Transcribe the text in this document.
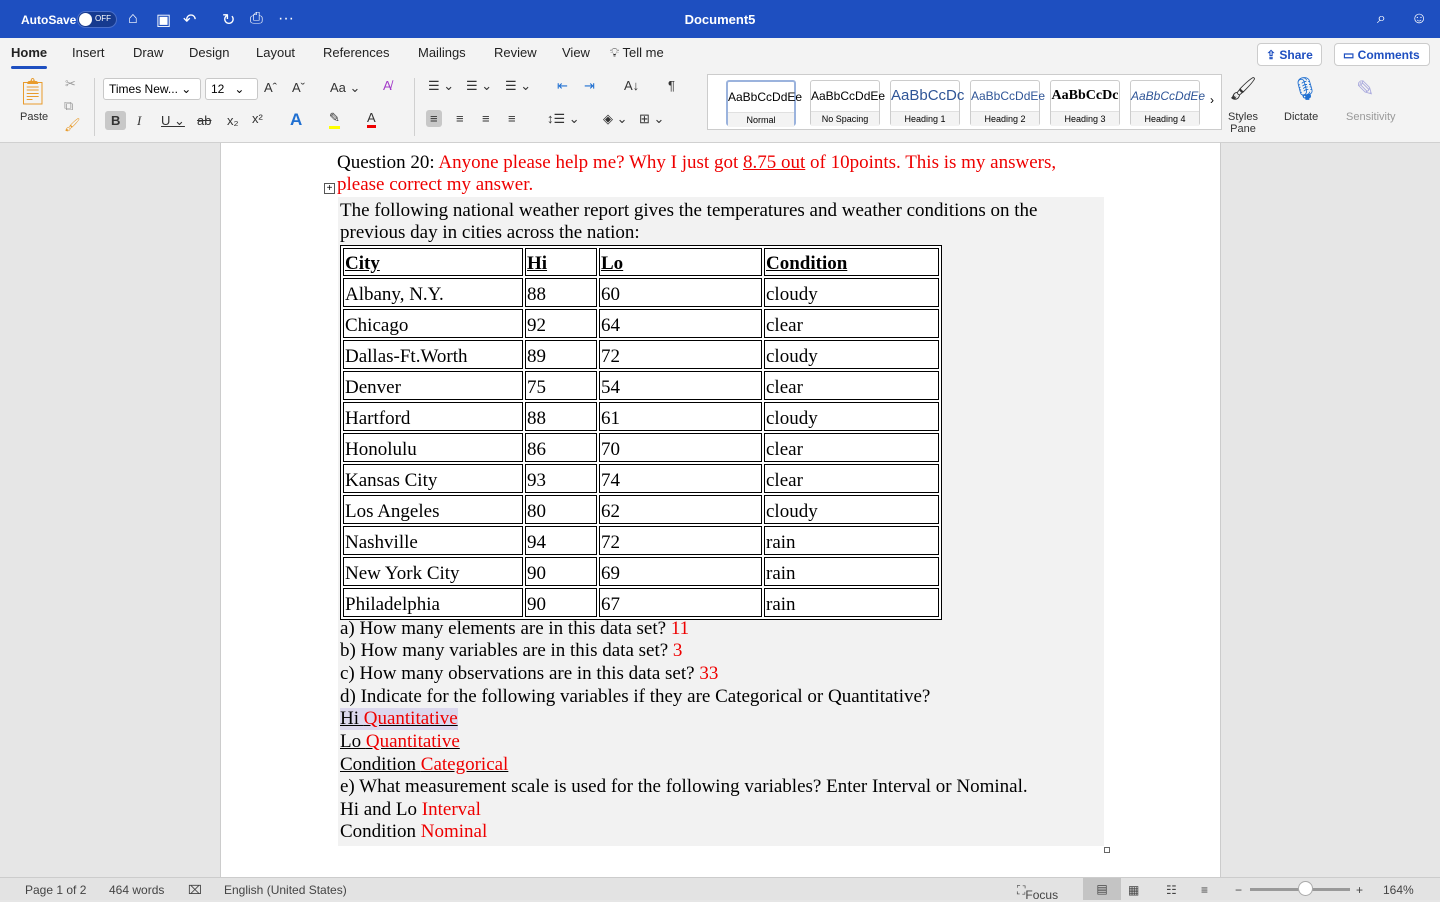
AutoSave OFF ⌂ ▣ ↶ ↻ ⎙ ···	Document5	⌕ ☺
Home Insert Draw Design Layout References Mailings Review View 💡︎ Tell me	⇪ Share	▭ Comments
📋︎
Paste
✂
⧉
🖌︎
Times New... ⌄	12   ⌄	Aˆ Aˇ Aa ⌄ A̸
B	I U ⌄ ab x₂ x² A ✎ A
☰ ⌄ ☰ ⌄ ☰ ⌄ ⇤ ⇥ A↓ ¶
≡	≡ ≡ ≡ ↕☰ ⌄ ◈ ⌄ ⊞ ⌄
AaBbCcDdEe
Normal
AaBbCcDdEe
No Spacing
AaBbCcDc
Heading 1
AaBbCcDdEe
Heading 2
AaBbCcDc
Heading 3
AaBbCcDdEe
Heading 4
› 🖌︎
Styles Pane
🎙︎
Dictate
✎
Sensitivity
Question 20: Anyone please help me? Why I just got 8.75 out of 10points. This is my answers,
+ please correct my answer.
The following national weather report gives the temperatures and weather conditions on the
previous day in cities across the nation:
City	Hi	Lo	Condition
Albany, N.Y.	88	60	cloudy
Chicago	92	64	clear
Dallas-Ft.Worth	89	72	cloudy
Denver	75	54	clear
Hartford	88	61	cloudy
Honolulu	86	70	clear
Kansas City	93	74	clear
Los Angeles	80	62	cloudy
Nashville	94	72	rain
New York City	90	69	rain
Philadelphia	90	67	rain
a) How many elements are in this data set? 11
b) How many variables are in this data set? 3
c) How many observations are in this data set? 33
d) Indicate for the following variables if they are Categorical or Quantitative?
Hi Quantitative
Lo Quantitative
Condition Categorical
e) What measurement scale is used for the following variables? Enter Interval or Nominal.
Hi and Lo Interval
Condition Nominal
Page 1 of 2 464 words ⌧ English (United States)	⛶ Focus	▤	▦ ☷ ≡ −	+ 164%
